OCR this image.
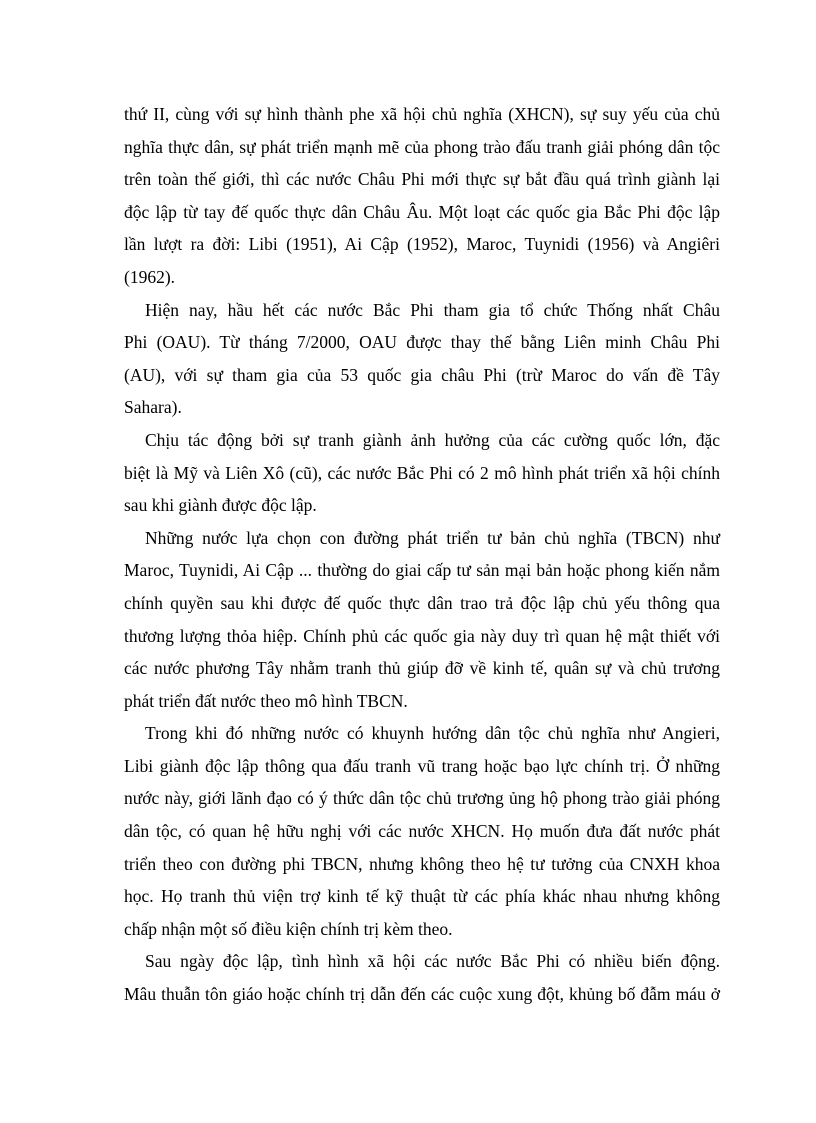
thứ II, cùng với sự hình thành phe xã hội chủ nghĩa (XHCN), sự suy yếu của chủ
nghĩa thực dân, sự phát triển mạnh mẽ của phong trào đấu tranh giải phóng dân tộc
trên toàn thế giới, thì các nước Châu Phi mới thực sự bắt đầu quá trình giành lại
độc lập từ tay đế quốc thực dân Châu Âu. Một loạt các quốc gia Bắc Phi độc lập
lần lượt ra đời: Libi (1951), Ai Cập (1952), Maroc, Tuynidi (1956) và Angiêri
(1962).
Hiện nay, hầu hết các nước Bắc Phi tham gia tổ chức Thống nhất Châu
Phi (OAU). Từ tháng 7/2000, OAU được thay thế bằng Liên minh Châu Phi
(AU), với sự tham gia của 53 quốc gia châu Phi (trừ Maroc do vấn đề Tây
Sahara).
Chịu tác động bởi sự tranh giành ảnh hưởng của các cường quốc lớn, đặc
biệt là Mỹ và Liên Xô (cũ), các nước Bắc Phi có 2 mô hình phát triển xã hội chính
sau khi giành được độc lập.
Những nước lựa chọn con đường phát triển tư bản chủ nghĩa (TBCN) như
Maroc, Tuynidi, Ai Cập ... thường do giai cấp tư sản mại bản hoặc phong kiến nắm
chính quyền sau khi được đế quốc thực dân trao trả độc lập chủ yếu thông qua
thương lượng thỏa hiệp. Chính phủ các quốc gia này duy trì quan hệ mật thiết với
các nước phương Tây nhằm tranh thủ giúp đỡ về kinh tế, quân sự và chủ trương
phát triển đất nước theo mô hình TBCN.
Trong khi đó những nước có khuynh hướng dân tộc chủ nghĩa như Angieri,
Libi giành độc lập thông qua đấu tranh vũ trang hoặc bạo lực chính trị. Ở những
nước này, giới lãnh đạo có ý thức dân tộc chủ trương ủng hộ phong trào giải phóng
dân tộc, có quan hệ hữu nghị với các nước XHCN. Họ muốn đưa đất nước phát
triển theo con đường phi TBCN, nhưng không theo hệ tư tưởng của CNXH khoa
học. Họ tranh thủ viện trợ kinh tế kỹ thuật từ các phía khác nhau nhưng không
chấp nhận một số điều kiện chính trị kèm theo.
Sau ngày độc lập, tình hình xã hội các nước Bắc Phi có nhiều biến động.
Mâu thuẫn tôn giáo hoặc chính trị dẫn đến các cuộc xung đột, khủng bố đẫm máu ở
